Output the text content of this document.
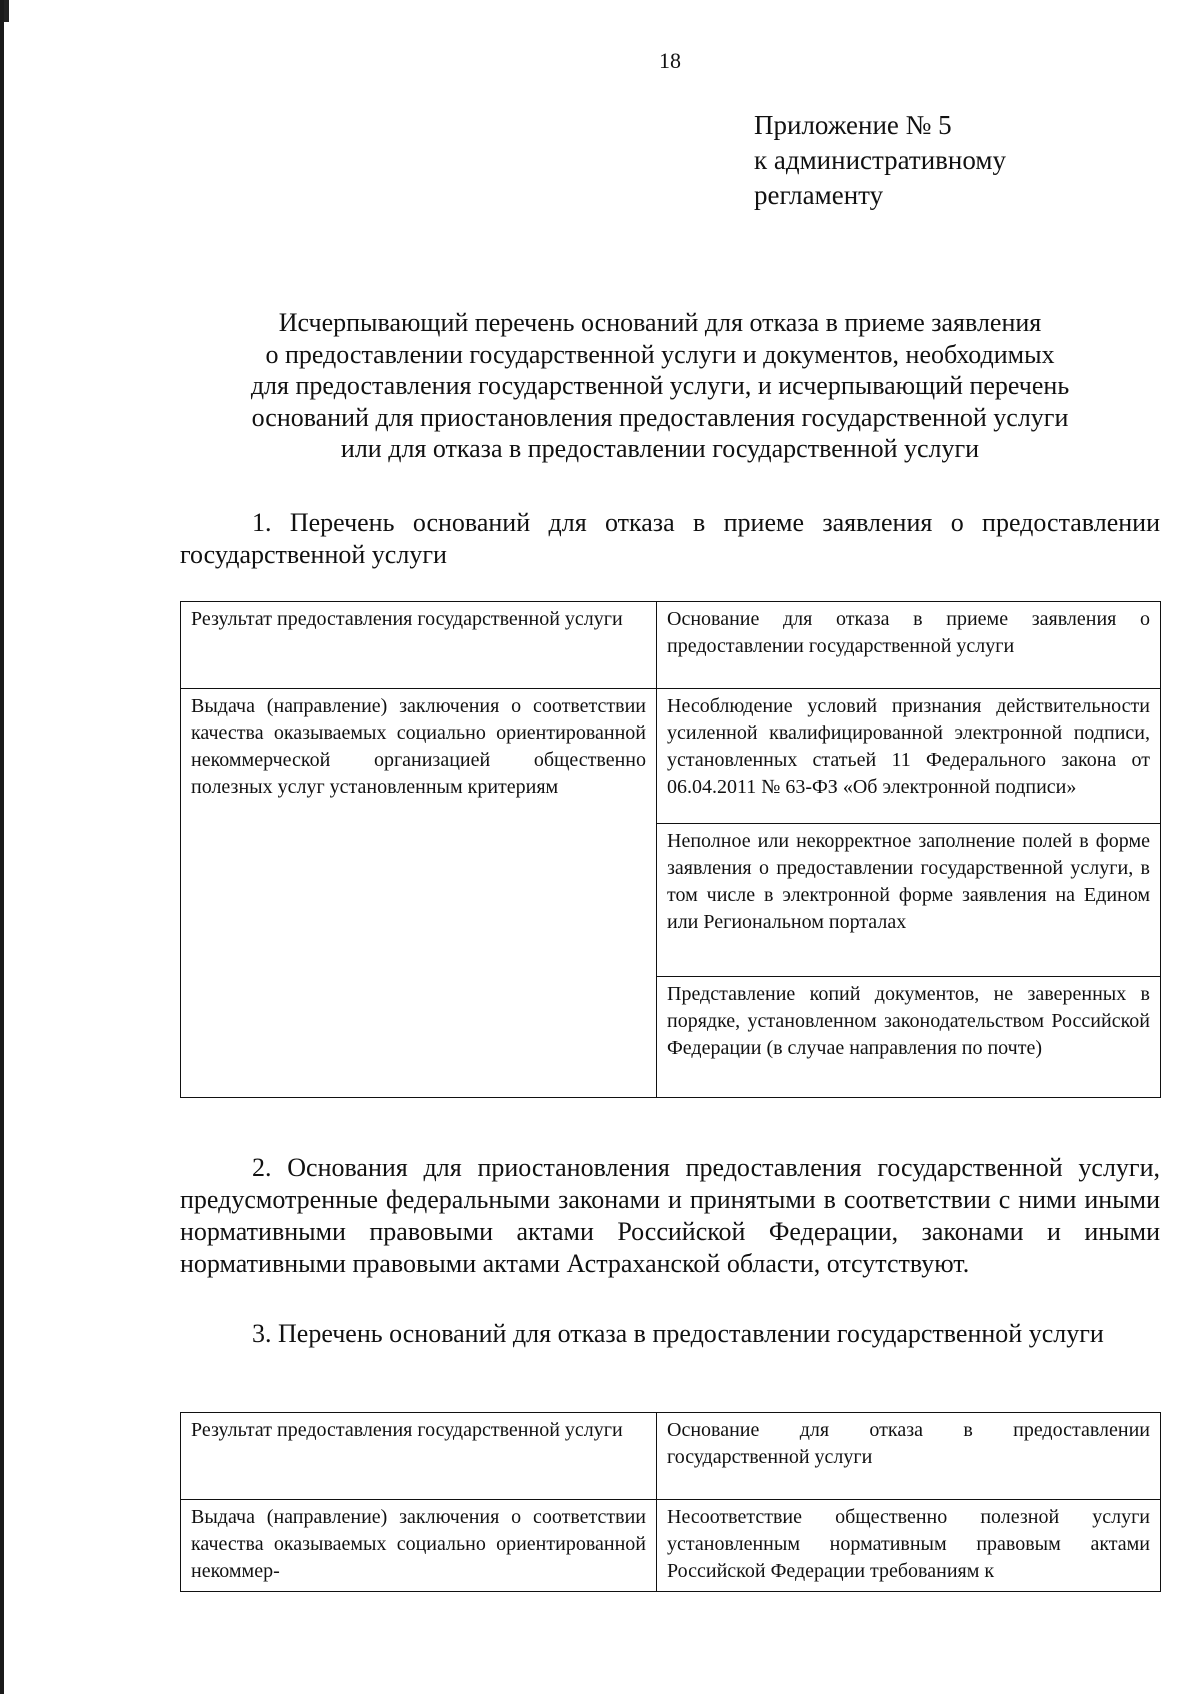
18
Приложение № 5
к административному
регламенту
Исчерпывающий перечень оснований для отказа в приеме заявления
о предоставлении государственной услуги и документов, необходимых
для предоставления государственной услуги, и исчерпывающий перечень
оснований для приостановления предоставления государственной услуги
или для отказа в предоставлении государственной услуги
1. Перечень оснований для отказа в приеме заявления о предоставлении государственной услуги
Результат предоставления государственной услуги	Основание для отказа в приеме заявления о предоставлении государственной услуги
Выдача (направление) заключения о соответствии качества оказываемых социально ориентированной некоммерческой организацией общественно полезных услуг установленным критериям	Несоблюдение условий признания действительности усиленной квалифицированной электронной подписи, установленных статьей 11 Федерального закона от 06.04.2011 № 63-ФЗ «Об электронной подписи»
	Неполное или некорректное заполнение полей в форме заявления о предоставлении государственной услуги, в том числе в электронной форме заявления на Едином или Региональном порталах
	Представление копий документов, не заверенных в порядке, установленном законодательством Российской Федерации (в случае направления по почте)
2. Основания для приостановления предоставления государственной услуги, предусмотренные федеральными законами и принятыми в соответствии с ними иными нормативными правовыми актами Российской Федерации, законами и иными нормативными правовыми актами Астраханской области, отсутствуют.
3. Перечень оснований для отказа в предоставлении государственной услуги
Результат предоставления государственной услуги	Основание для отказа в предоставлении государственной услуги
Выдача (направление) заключения о соответствии качества оказываемых социально ориентированной некоммер-	Несоответствие общественно полезной услуги установленным нормативным правовым актами Российской Федерации требованиям к
